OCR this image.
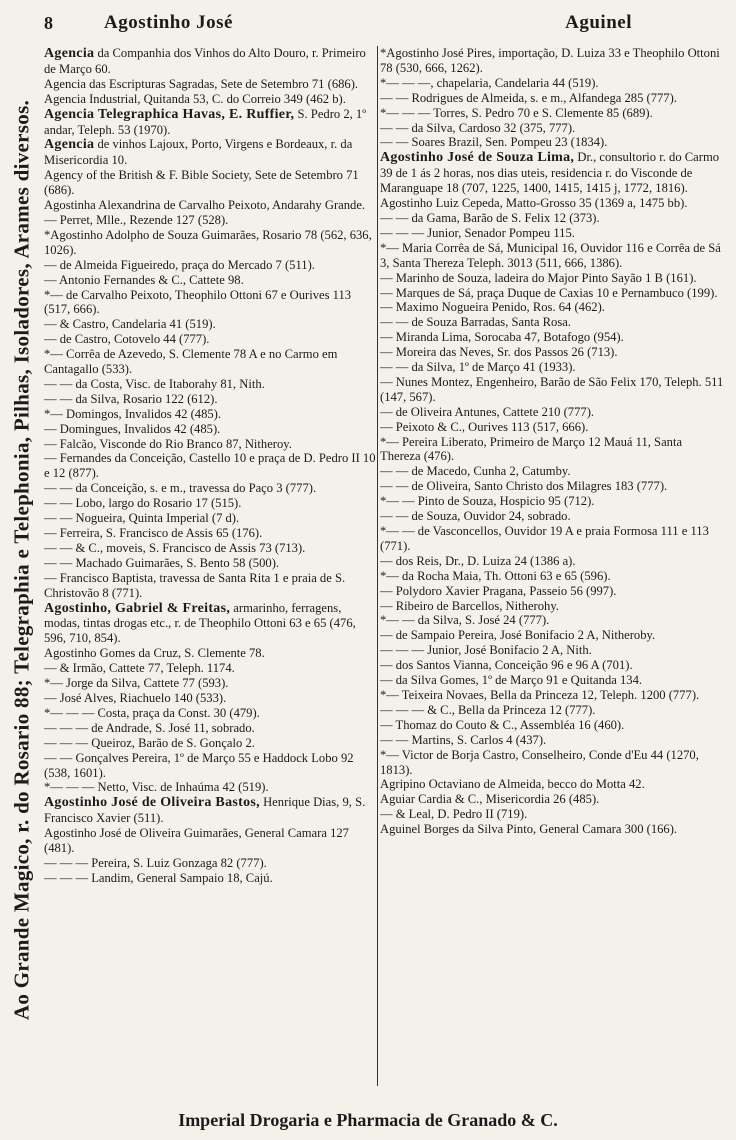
Ao Grande Magico, r. do Rosario 88; Telegraphia e Telephonia, Pilhas, Isoladores, Arames diversos.
8	Agostinho José	Aguinel
Agencia da Companhia dos Vinhos do Alto Douro, r. Primeiro de Março 60.
Agencia das Escripturas Sagradas, Sete de Setembro 71 (686).
Agencia Industrial, Quitanda 53, C. do Correio 349 (462 b).
Agencia Telegraphica Havas, E. Ruffier, S. Pedro 2, 1º andar, Teleph. 53 (1970).
Agencia de vinhos Lajoux, Porto, Virgens e Bordeaux, r. da Misericordia 10.
Agency of the British & F. Bible Society, Sete de Setembro 71 (686).
Agostinha Alexandrina de Carvalho Peixoto, Andarahy Grande.
— Perret, Mlle., Rezende 127 (528).
*Agostinho Adolpho de Souza Guimarães, Rosario 78 (562, 636, 1026).
— de Almeida Figueiredo, praça do Mercado 7 (511).
— Antonio Fernandes & C., Cattete 98.
*— de Carvalho Peixoto, Theophilo Ottoni 67 e Ourives 113 (517, 666).
— & Castro, Candelaria 41 (519).
— de Castro, Cotovelo 44 (777).
*— Corrêa de Azevedo, S. Clemente 78 A e no Carmo em Cantagallo (533).
— — da Costa, Visc. de Itaborahy 81, Nith.
— — da Silva, Rosario 122 (612).
*— Domingos, Invalidos 42 (485).
— Domingues, Invalidos 42 (485).
— Falcão, Visconde do Rio Branco 87, Nitheroy.
— Fernandes da Conceição, Castello 10 e praça de D. Pedro II 10 e 12 (877).
— — da Conceição, s. e m., travessa do Paço 3 (777).
— — Lobo, largo do Rosario 17 (515).
— — Nogueira, Quinta Imperial (7 d).
— Ferreira, S. Francisco de Assis 65 (176).
— — & C., moveis, S. Francisco de Assis 73 (713).
— — Machado Guimarães, S. Bento 58 (500).
— Francisco Baptista, travessa de Santa Rita 1 e praia de S. Christovão 8 (771).
Agostinho, Gabriel & Freitas, armarinho, ferragens, modas, tintas drogas etc., r. de Theophilo Ottoni 63 e 65 (476, 596, 710, 854).
Agostinho Gomes da Cruz, S. Clemente 78.
— & Irmão, Cattete 77, Teleph. 1174.
*— Jorge da Silva, Cattete 77 (593).
— José Alves, Riachuelo 140 (533).
*— — — Costa, praça da Const. 30 (479).
— — — de Andrade, S. José 11, sobrado.
— — — Queiroz, Barão de S. Gonçalo 2.
— — Gonçalves Pereira, 1º de Março 55 e Haddock Lobo 92 (538, 1601).
*— — — Netto, Visc. de Inhaúma 42 (519).
Agostinho José de Oliveira Bastos, Henrique Dias, 9, S. Francisco Xavier (511).
Agostinho José de Oliveira Guimarães, General Camara 127 (481).
— — — Pereira, S. Luiz Gonzaga 82 (777).
— — — Landim, General Sampaio 18, Cajú.
*Agostinho José Pires, importação, D. Luiza 33 e Theophilo Ottoni 78 (530, 666, 1262).
*— — —, chapelaria, Candelaria 44 (519).
— — Rodrigues de Almeida, s. e m., Alfandega 285 (777).
*— — — Torres, S. Pedro 70 e S. Clemente 85 (689).
— — da Silva, Cardoso 32 (375, 777).
— — Soares Brazil, Sen. Pompeu 23 (1834).
Agostinho José de Souza Lima, Dr., consultorio r. do Carmo 39 de 1 ás 2 horas, nos dias uteis, residencia r. do Visconde de Maranguape 18 (707, 1225, 1400, 1415, 1415 j, 1772, 1816).
Agostinho Luiz Cepeda, Matto-Grosso 35 (1369 a, 1475 bb).
— — da Gama, Barão de S. Felix 12 (373).
— — — Junior, Senador Pompeu 115.
*— Maria Corrêa de Sá, Municipal 16, Ouvidor 116 e Corrêa de Sá 3, Santa Thereza Teleph. 3013 (511, 666, 1386).
— Marinho de Souza, ladeira do Major Pinto Sayão 1 B (161).
— Marques de Sá, praça Duque de Caxias 10 e Pernambuco (199).
— Maximo Nogueira Penido, Ros. 64 (462).
— — de Souza Barradas, Santa Rosa.
— Miranda Lima, Sorocaba 47, Botafogo (954).
— Moreira das Neves, Sr. dos Passos 26 (713).
— — da Silva, 1º de Março 41 (1933).
— Nunes Montez, Engenheiro, Barão de São Felix 170, Teleph. 511 (147, 567).
— de Oliveira Antunes, Cattete 210 (777).
— Peixoto & C., Ourives 113 (517, 666).
*— Pereira Liberato, Primeiro de Março 12 Mauá 11, Santa Thereza (476).
— — de Macedo, Cunha 2, Catumby.
— — de Oliveira, Santo Christo dos Milagres 183 (777).
*— — Pinto de Souza, Hospicio 95 (712).
— — de Souza, Ouvidor 24, sobrado.
*— — de Vasconcellos, Ouvidor 19 A e praia Formosa 111 e 113 (771).
— dos Reis, Dr., D. Luiza 24 (1386 a).
*— da Rocha Maia, Th. Ottoni 63 e 65 (596).
— Polydoro Xavier Pragana, Passeio 56 (997).
— Ribeiro de Barcellos, Nitherohy.
*— — da Silva, S. José 24 (777).
— de Sampaio Pereira, José Bonifacio 2 A, Nitheroby.
— — — Junior, José Bonifacio 2 A, Nith.
— dos Santos Vianna, Conceição 96 e 96 A (701).
— da Silva Gomes, 1º de Março 91 e Quitanda 134.
*— Teixeira Novaes, Bella da Princeza 12, Teleph. 1200 (777).
— — — & C., Bella da Princeza 12 (777).
— Thomaz do Couto & C., Assembléa 16 (460).
— — Martins, S. Carlos 4 (437).
*— Victor de Borja Castro, Conselheiro, Conde d'Eu 44 (1270, 1813).
Agripino Octaviano de Almeida, becco do Motta 42.
Aguiar Cardia & C., Misericordia 26 (485).
— & Leal, D. Pedro II (719).
Aguinel Borges da Silva Pinto, General Camara 300 (166).
Imperial Drogaria e Pharmacia de Granado & C.
